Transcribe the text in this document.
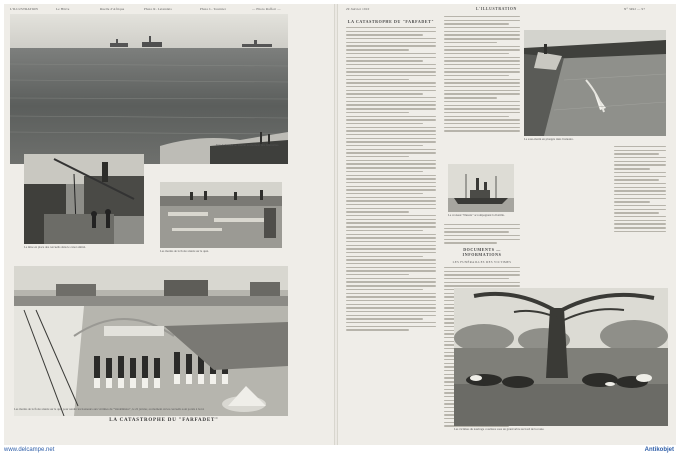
L'ILLUSTRATION	Le Hâvre	Ruelle d'Afrique	Photo R. Lelandais	Photo L. Tournier	— Photo Raffort —
Vue de la rade de Toulon au moment des funérailles.
La mise en place des cercueils dans le canot amiral.
Les marins de la flotte réunis sur le quai.
Les marins de la flotte réunis sur le quai pour rendre les honneurs aux victimes du "Vendémiaire", le 22 janvier, au moment où les cercueils sont portés à bord.
LA CATASTROPHE DU "FARFADET"
29 Janvier 1910	L'ILLUSTRATION	N° 3492 — 97
LA CATASTROPHE DU "FARFADET"
Le croiseur "Dunois" accompagnant la flottille.
DOCUMENTS — INFORMATIONS
LES FUNÉRAILLES DES VICTIMES
Le sous-marin en plongée dans l'estuaire.
Les victimes du naufrage couchées sous un grand arbre au bord de la route.
www.delcampe.net	Antikobjet
